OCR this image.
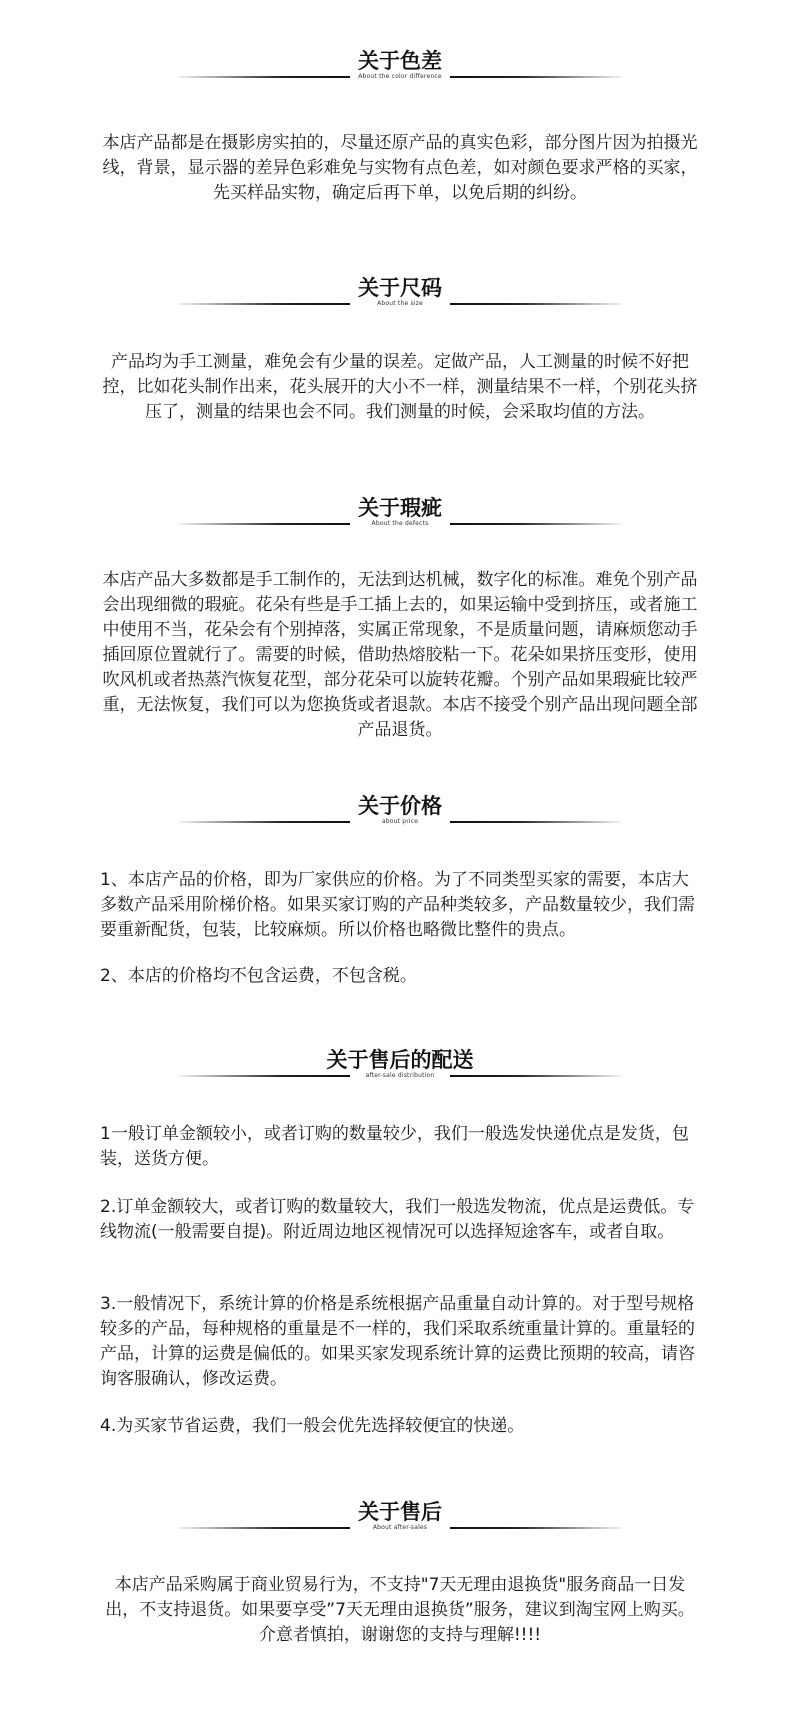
关于色差
About the color difference

本店产品都是在摄影房实拍的，尽量还原产品的真实色彩，部分图片因为拍摄光线，背景，显示器的差异色彩难免与实物有点色差，如对颜色要求严格的买家，先买样品实物，确定后再下单，以免后期的纠纷。

关于尺码
About the size

产品均为手工测量，难免会有少量的误差。定做产品，人工测量的时候不好把控，比如花头制作出来，花头展开的大小不一样，测量结果不一样，个别花头挤压了，测量的结果也会不同。我们测量的时候，会采取均值的方法。

关于瑕疵
About the defects

本店产品大多数都是手工制作的，无法到达机械，数字化的标准。难免个别产品会出现细微的瑕疵。花朵有些是手工插上去的，如果运输中受到挤压，或者施工中使用不当，花朵会有个别掉落，实属正常现象，不是质量问题，请麻烦您动手插回原位置就行了。需要的时候，借助热熔胶粘一下。花朵如果挤压变形，使用吹风机或者热蒸汽恢复花型，部分花朵可以旋转花瓣。个别产品如果瑕疵比较严重，无法恢复，我们可以为您换货或者退款。本店不接受个别产品出现问题全部产品退货。

关于价格
about price

1、本店产品的价格，即为厂家供应的价格。为了不同类型买家的需要，本店大多数产品采用阶梯价格。如果买家订购的产品种类较多，产品数量较少，我们需要重新配货，包装，比较麻烦。所以价格也略微比整件的贵点。

2、本店的价格均不包含运费，不包含税。

关于售后的配送
after-sale distribution

1一般订单金额较小，或者订购的数量较少，我们一般选发快递优点是发货，包装，送货方便。

2.订单金额较大，或者订购的数量较大，我们一般选发物流，优点是运费低。专线物流(一般需要自提)。附近周边地区视情况可以选择短途客车，或者自取。

3.一般情况下，系统计算的价格是系统根据产品重量自动计算的。对于型号规格较多的产品，每种规格的重量是不一样的，我们采取系统重量计算的。重量轻的产品，计算的运费是偏低的。如果买家发现系统计算的运费比预期的较高，请咨询客服确认，修改运费。

4.为买家节省运费，我们一般会优先选择较便宜的快递。

关于售后
About after-sales

本店产品采购属于商业贸易行为，不支持"7天无理由退换货"服务商品一日发出，不支持退货。如果要享受”7天无理由退换货”服务，建议到淘宝网上购买。介意者慎拍，谢谢您的支持与理解!!!!
